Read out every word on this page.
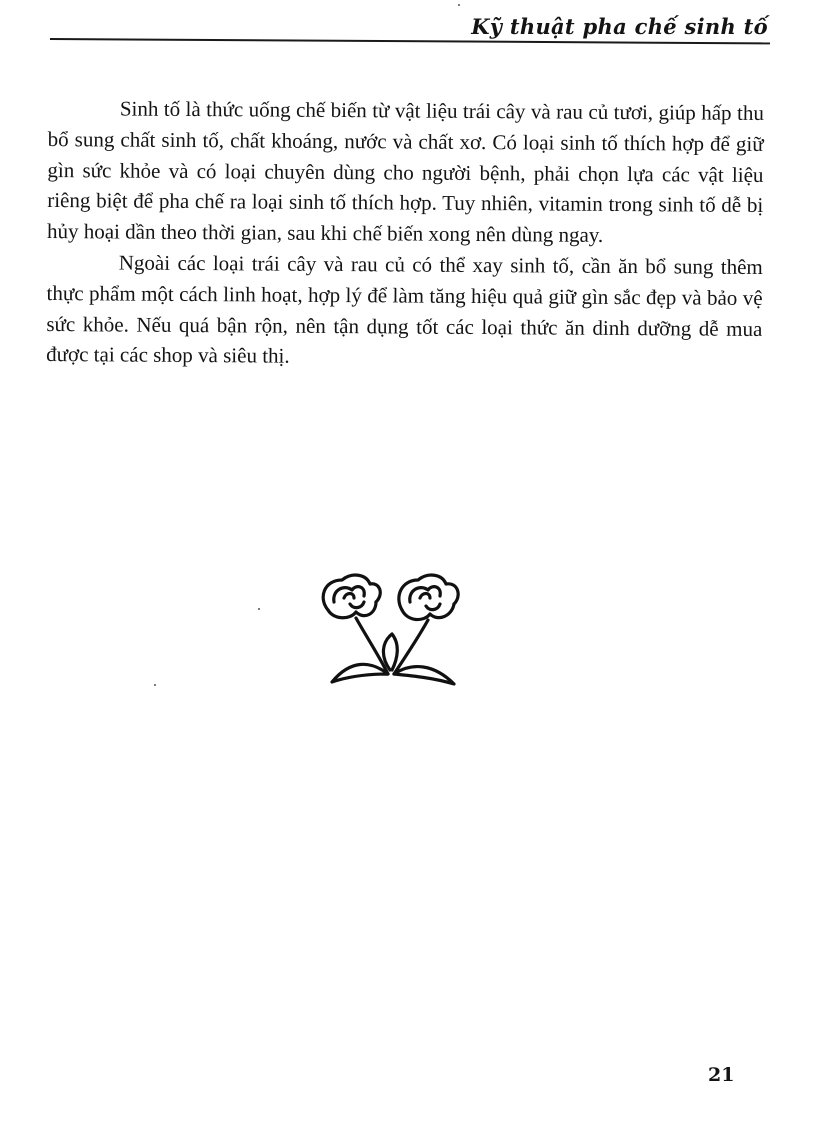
Kỹ thuật pha chế sinh tố

Sinh tố là thức uống chế biến từ vật liệu trái cây và rau củ tươi, giúp hấp thu bổ sung chất sinh tố, chất khoáng, nước và chất xơ. Có loại sinh tố thích hợp để giữ gìn sức khỏe và có loại chuyên dùng cho người bệnh, phải chọn lựa các vật liệu riêng biệt để pha chế ra loại sinh tố thích hợp. Tuy nhiên, vitamin trong sinh tố dễ bị hủy hoại dần theo thời gian, sau khi chế biến xong nên dùng ngay.

Ngoài các loại trái cây và rau củ có thể xay sinh tố, cần ăn bổ sung thêm thực phẩm một cách linh hoạt, hợp lý để làm tăng hiệu quả giữ gìn sắc đẹp và bảo vệ sức khỏe. Nếu quá bận rộn, nên tận dụng tốt các loại thức ăn dinh dưỡng dễ mua được tại các shop và siêu thị.

21
